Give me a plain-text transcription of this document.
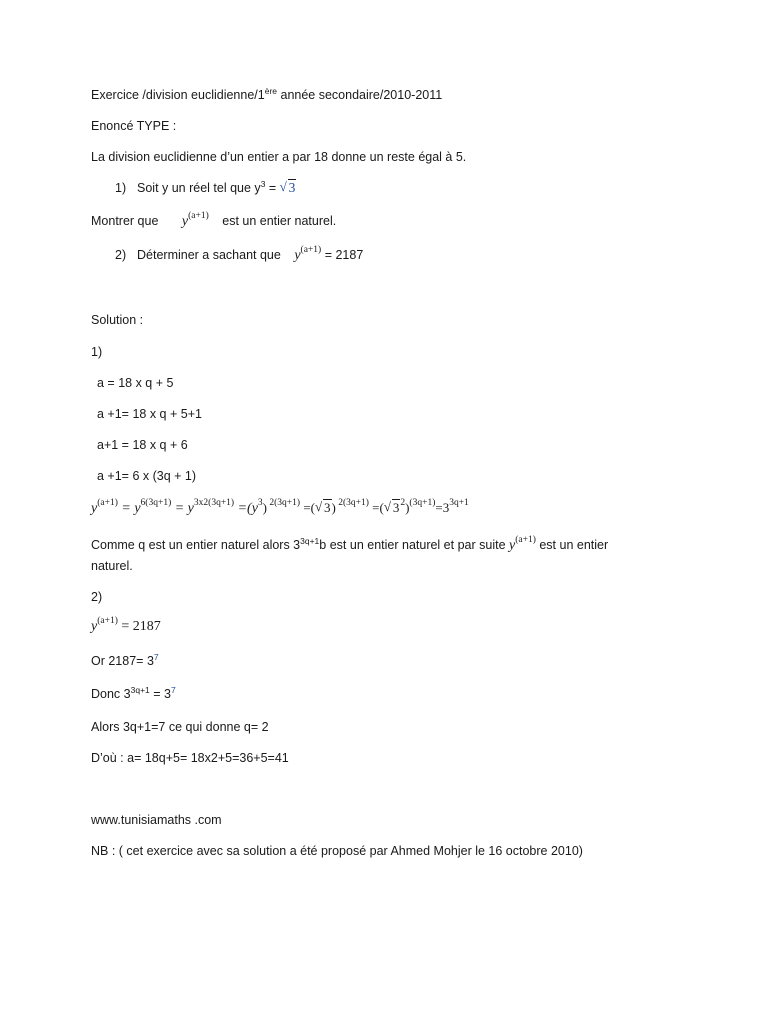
Exercice /division euclidienne/1ère année secondaire/2010-2011
Enoncé TYPE :
La division euclidienne d’un entier a par 18 donne un reste égal à 5.
1) Soit y un réel tel que $y^3$ = √ 3
Montrer que $y^{(a+1)}$ est un entier naturel.
2) Déterminer a sachant que $y^{(a+1)} = 2187$
Solution :
1)
a = 18 x q + 5
a +1= 18 x q + 5+1
a+1 = 18 x q + 6
a +1= 6 x (3q + 1)
$y^{(a+1)} = y^{6(3q+1)} = y^{3x2(3q+1)} =(y^3)$ $^{2(3q+1)}$ =( √ 3) $^{2(3q+1)}$ =( √ $3^2)^{(3q+1)}=3^{3q+1}$
Comme q est un entier naturel alors $3^{3q+1}b$ est un entier naturel et par suite $y^{(a+1)}$ est un entier
naturel.
2)
$y^{(a+1)} = 2187$
Or $2187= 3^7$
Donc $3^{3q+1} = 3^7$
Alors 3q+1=7 ce qui donne q= 2
D’où : a= 18q+5= 18x2+5=36+5=41
www.tunisiamaths .com
NB : ( cet exercice avec sa solution a été proposé par Ahmed Mohjer le 16 octobre 2010)
